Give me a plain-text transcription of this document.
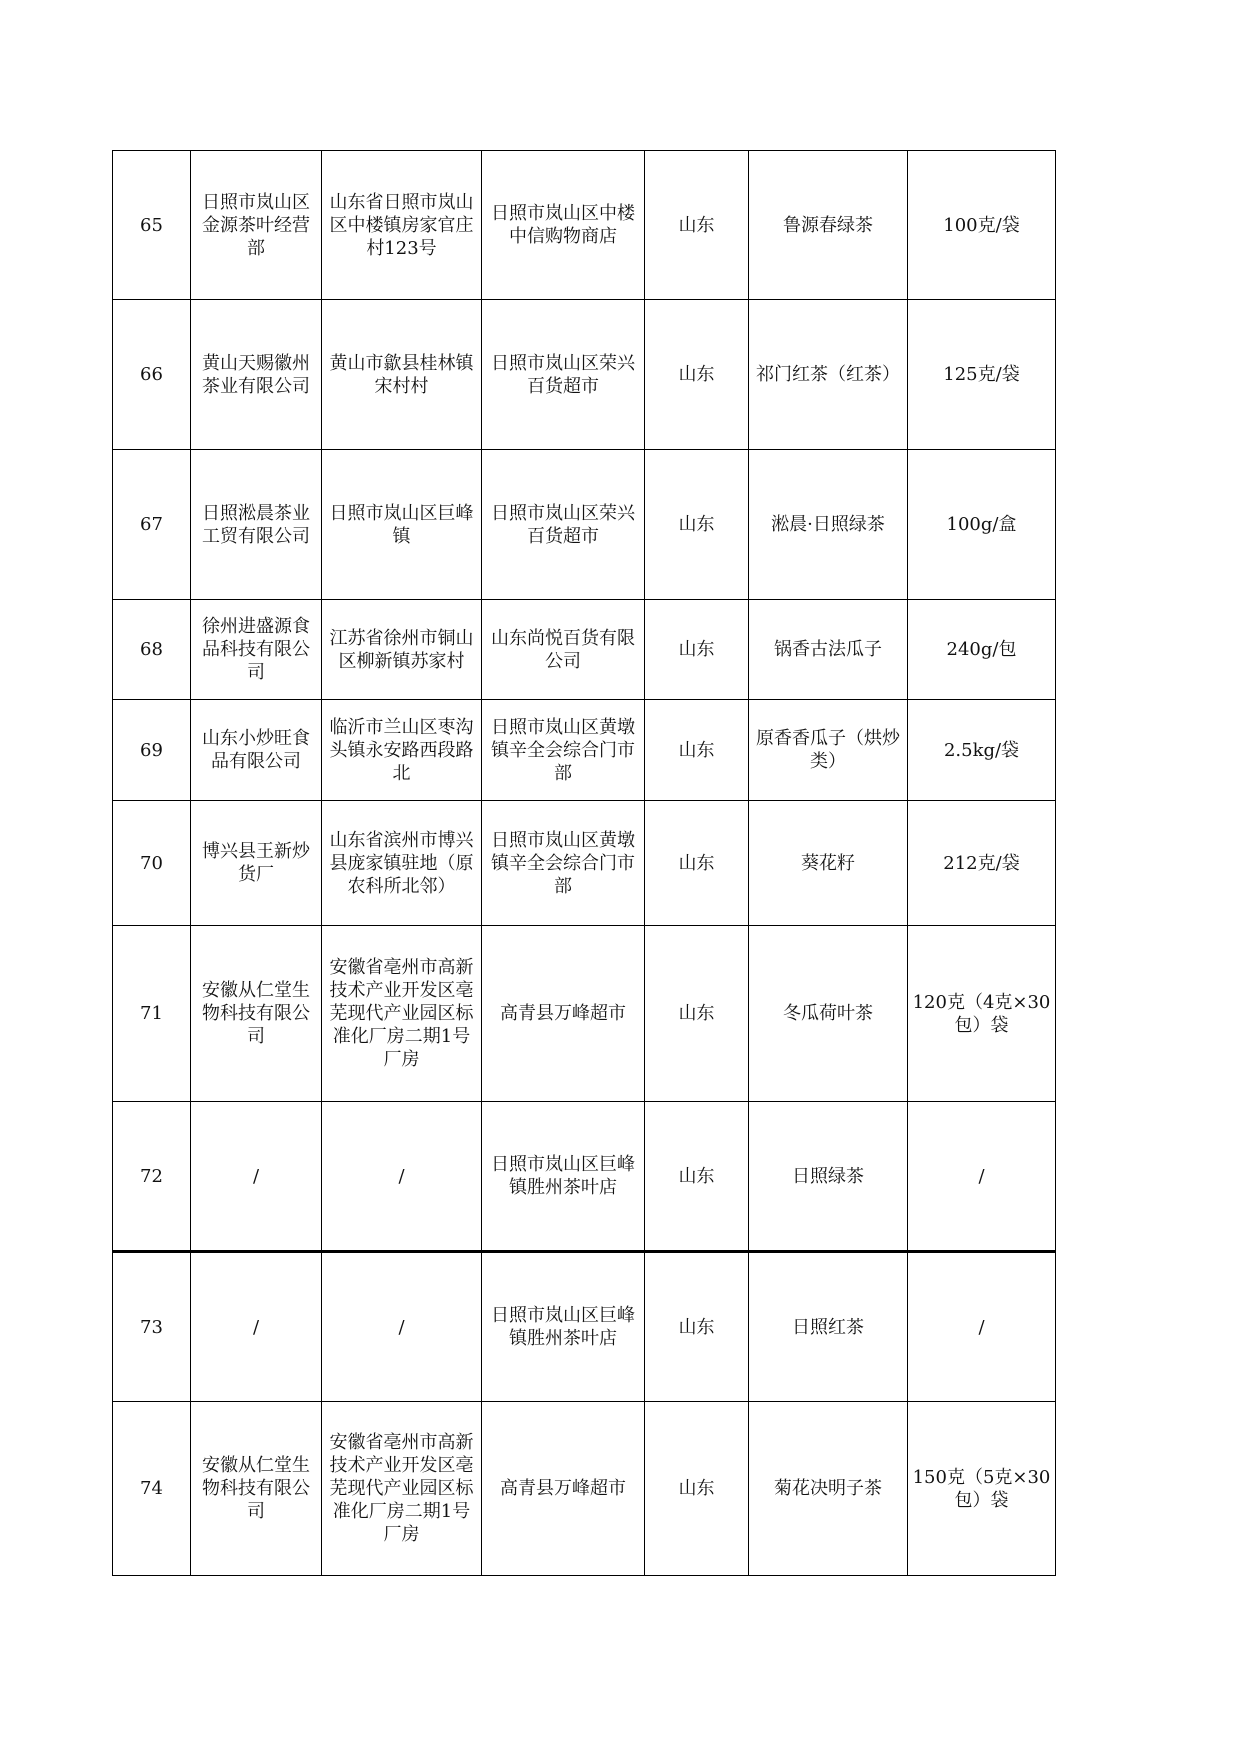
65	日照市岚山区金源茶叶经营部	山东省日照市岚山区中楼镇房家官庄村123号	日照市岚山区中楼中信购物商店	山东	鲁源春绿茶	100克/袋
66	黄山天赐徽州茶业有限公司	黄山市歙县桂林镇宋村村	日照市岚山区荣兴百货超市	山东	祁门红茶（红茶）	125克/袋
67	日照淞晨茶业工贸有限公司	日照市岚山区巨峰镇	日照市岚山区荣兴百货超市	山东	淞晨·日照绿茶	100g/盒
68	徐州进盛源食品科技有限公司	江苏省徐州市铜山区柳新镇苏家村	山东尚悦百货有限公司	山东	锅香古法瓜子	240g/包
69	山东小炒旺食品有限公司	临沂市兰山区枣沟头镇永安路西段路北	日照市岚山区黄墩镇辛全会综合门市部	山东	原香香瓜子（烘炒类）	2.5kg/袋
70	博兴县王新炒货厂	山东省滨州市博兴县庞家镇驻地（原农科所北邻）	日照市岚山区黄墩镇辛全会综合门市部	山东	葵花籽	212克/袋
71	安徽从仁堂生物科技有限公司	安徽省亳州市高新技术产业开发区亳芜现代产业园区标准化厂房二期1号厂房	高青县万峰超市	山东	冬瓜荷叶茶	120克（4克×30包）袋
72	/	/	日照市岚山区巨峰镇胜州茶叶店	山东	日照绿茶	/
73	/	/	日照市岚山区巨峰镇胜州茶叶店	山东	日照红茶	/
74	安徽从仁堂生物科技有限公司	安徽省亳州市高新技术产业开发区亳芜现代产业园区标准化厂房二期1号厂房	高青县万峰超市	山东	菊花决明子茶	150克（5克×30包）袋
